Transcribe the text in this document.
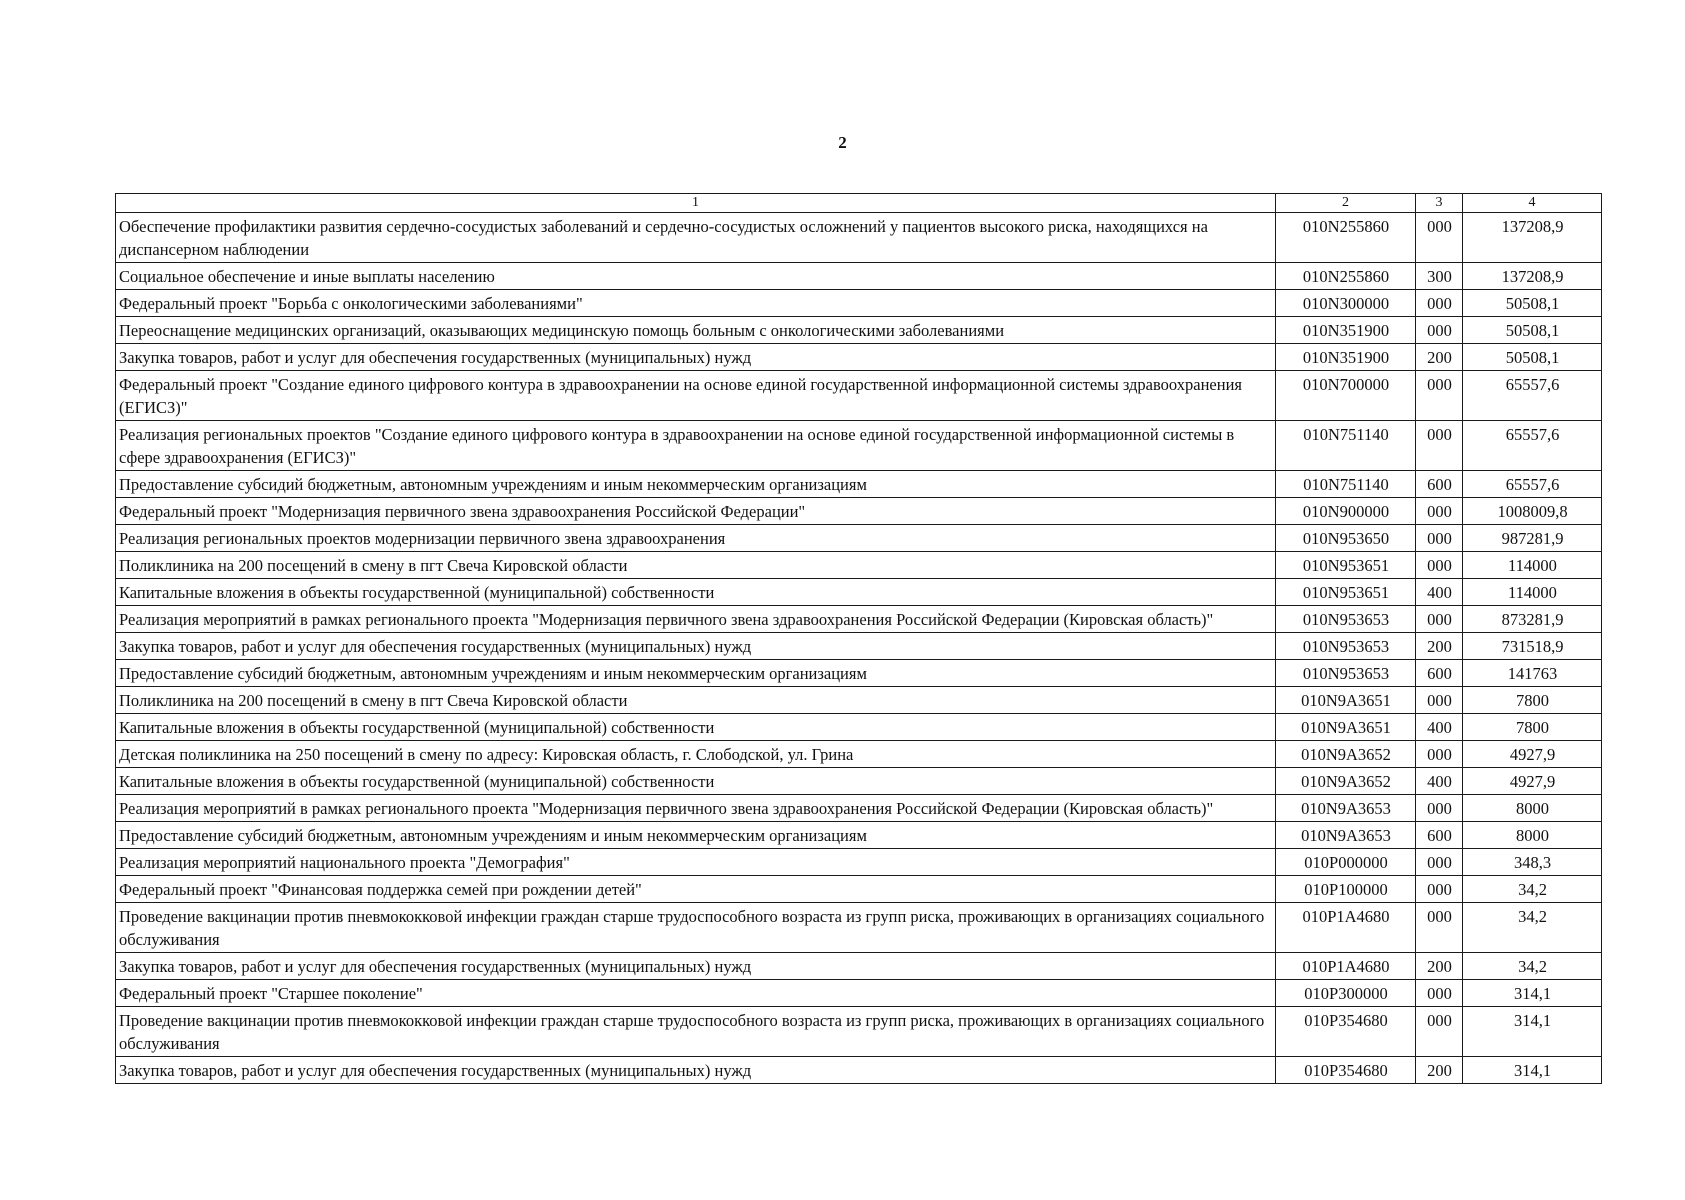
2
1	2	3	4
Обеспечение профилактики развития сердечно-сосудистых заболеваний и сердечно-сосудистых осложнений у пациентов высокого риска, находящихся на диспансерном наблюдении	010N255860	000	137208,9
Социальное обеспечение и иные выплаты населению	010N255860	300	137208,9
Федеральный проект "Борьба с онкологическими заболеваниями"	010N300000	000	50508,1
Переоснащение медицинских организаций, оказывающих медицинскую помощь больным с онкологическими заболеваниями	010N351900	000	50508,1
Закупка товаров, работ и услуг для обеспечения государственных (муниципальных) нужд	010N351900	200	50508,1
Федеральный проект "Создание единого цифрового контура в здравоохранении на основе единой государственной информационной системы здравоохранения (ЕГИСЗ)"	010N700000	000	65557,6
Реализация региональных проектов "Создание единого цифрового контура в здравоохранении на основе единой государственной информационной системы в сфере здравоохранения (ЕГИСЗ)"	010N751140	000	65557,6
Предоставление субсидий бюджетным, автономным учреждениям и иным некоммерческим организациям	010N751140	600	65557,6
Федеральный проект "Модернизация первичного звена здравоохранения Российской Федерации"	010N900000	000	1008009,8
Реализация региональных проектов модернизации первичного звена здравоохранения	010N953650	000	987281,9
Поликлиника на 200 посещений в смену в пгт Свеча Кировской области	010N953651	000	114000
Капитальные вложения в объекты государственной (муниципальной) собственности	010N953651	400	114000
Реализация мероприятий в рамках регионального проекта "Модернизация первичного звена здравоохранения Российской Федерации (Кировская область)"	010N953653	000	873281,9
Закупка товаров, работ и услуг для обеспечения государственных (муниципальных) нужд	010N953653	200	731518,9
Предоставление субсидий бюджетным, автономным учреждениям и иным некоммерческим организациям	010N953653	600	141763
Поликлиника на 200 посещений в смену в пгт Свеча Кировской области	010N9A3651	000	7800
Капитальные вложения в объекты государственной (муниципальной) собственности	010N9A3651	400	7800
Детская поликлиника на 250 посещений в смену по адресу: Кировская область, г. Слободской, ул. Грина	010N9A3652	000	4927,9
Капитальные вложения в объекты государственной (муниципальной) собственности	010N9A3652	400	4927,9
Реализация мероприятий в рамках регионального проекта "Модернизация первичного звена здравоохранения Российской Федерации (Кировская область)"	010N9A3653	000	8000
Предоставление субсидий бюджетным, автономным учреждениям и иным некоммерческим организациям	010N9A3653	600	8000
Реализация мероприятий национального проекта "Демография"	010P000000	000	348,3
Федеральный проект "Финансовая поддержка семей при рождении детей"	010P100000	000	34,2
Проведение вакцинации против пневмококковой инфекции граждан старше трудоспособного возраста из групп риска, проживающих в организациях социального обслуживания	010P1A4680	000	34,2
Закупка товаров, работ и услуг для обеспечения государственных (муниципальных) нужд	010P1A4680	200	34,2
Федеральный проект "Старшее поколение"	010P300000	000	314,1
Проведение вакцинации против пневмококковой инфекции граждан старше трудоспособного возраста из групп риска, проживающих в организациях социального обслуживания	010P354680	000	314,1
Закупка товаров, работ и услуг для обеспечения государственных (муниципальных) нужд	010P354680	200	314,1
